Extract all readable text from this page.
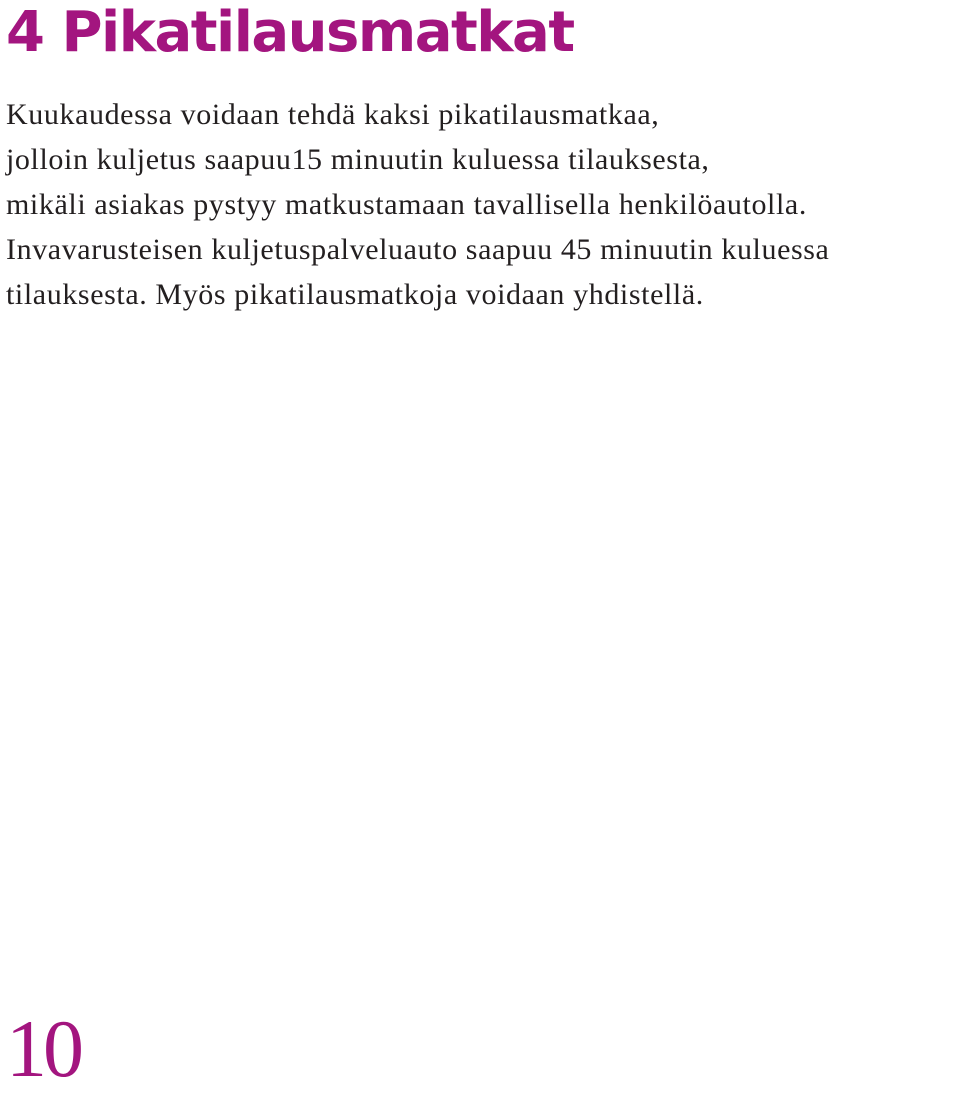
4 Pikatilausmatkat

Kuukaudessa voidaan tehdä kaksi pikatilausmatkaa,
jolloin kuljetus saapuu15 minuutin kuluessa tilauksesta,
mikäli asiakas pystyy matkustamaan tavallisella henkilöautolla.
Invavarusteisen kuljetuspalveluauto saapuu 45 minuutin kuluessa
tilauksesta. Myös pikatilausmatkoja voidaan yhdistellä.

10
